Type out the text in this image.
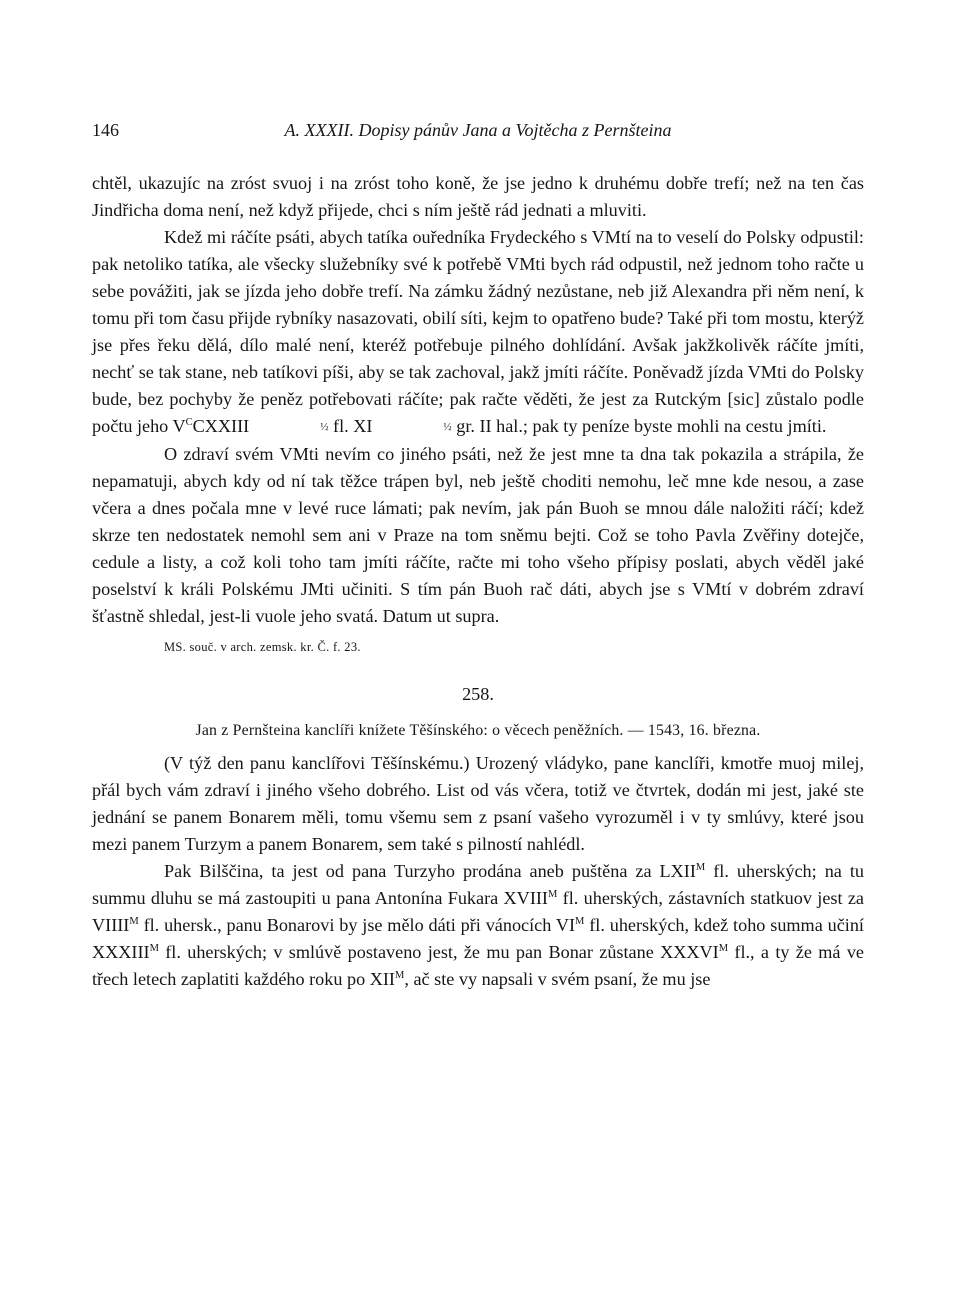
146	A. XXXII. Dopisy pánův Jana a Vojtěcha z Pernšteina

chtěl, ukazujíc na zróst svuoj i na zróst toho koně, že jse jedno k druhému dobře trefí; než na ten čas Jindřicha doma není, než když přijede, chci s ním ještě rád jednati a mluviti.

Kdež mi ráčíte psáti, abych tatíka ouředníka Frydeckého s VMtí na to veselí do Polsky odpustil: pak netoliko tatíka, ale všecky služebníky své k potřebě VMti bych rád odpustil, než jednom toho račte u sebe povážiti, jak se jízda jeho dobře trefí. Na zámku žádný nezůstane, neb již Alexandra při něm není, k tomu při tom času přijde rybníky nasazovati, obilí síti, kejm to opatřeno bude? Také při tom mostu, kterýž jse přes řeku dělá, dílo malé není, kteréž potřebuje pilného dohlídání. Avšak jakžkolivěk ráčíte jmíti, nechť se tak stane, neb tatíkovi píši, aby se tak zachoval, jakž jmíti ráčíte. Poněvadž jízda VMti do Polsky bude, bez pochyby že peněz potřebovati ráčíte; pak račte věděti, že jest za Rutckým [sic] zůstalo podle počtu jeho $V^CCXXIII$	½ fl. XI	½ gr. II hal.; pak ty peníze byste mohli na cestu jmíti.

O zdraví svém VMti nevím co jiného psáti, než že jest mne ta dna tak pokazila a strápila, že nepamatuji, abych kdy od ní tak těžce trápen byl, neb ještě choditi nemohu, leč mne kde nesou, a zase včera a dnes počala mne v levé ruce lámati; pak nevím, jak pán Buoh se mnou dále naložiti ráčí; kdež skrze ten nedostatek nemohl sem ani v Praze na tom sněmu bejti. Což se toho Pavla Zvěřiny dotejče, cedule a listy, a což koli toho tam jmíti ráčíte, račte mi toho všeho přípisy poslati, abych věděl jaké poselství k králi Polskému JMti učiniti. S tím pán Buoh rač dáti, abych jse s VMtí v dobrém zdraví šťastně shledal, jest-li vuole jeho svatá. Datum ut supra.

MS. souč. v arch. zemsk. kr. Č. f. 23.
258.
Jan z Pernšteina kanclíři knížete Těšínského: o věcech peněžních. — 1543, 16. března.

(V týž den panu kanclířovi Těšínskému.) Urozený vládyko, pane kanclíři, kmotře muoj milej, přál bych vám zdraví i jiného všeho dobrého. List od vás včera, totiž ve čtvrtek, dodán mi jest, jaké ste jednání se panem Bonarem měli, tomu všemu sem z psaní vašeho vyrozuměl i v ty smlúvy, které jsou mezi panem Turzym a panem Bonarem, sem také s pilností nahlédl.

Pak Bilščina, ta jest od pana Turzyho prodána aneb puštěna za $LXII^M$ fl. uherských; na tu summu dluhu se má zastoupiti u pana Antonína Fukara $XVIII^M$ fl. uherských, zástavních statkuov jest za $VIIII^M$ fl. uhersk., panu Bonarovi by jse mělo dáti při vánocích $VI^M$ fl. uherských, kdež toho summa učiní $XXXIII^M$ fl. uherských; v smlúvě postaveno jest, že mu pan Bonar zůstane $XXXVI^M$ fl., a ty že má ve třech letech zaplatiti každého roku po $XII^M$, ač ste vy napsali v svém psaní, že mu jse
